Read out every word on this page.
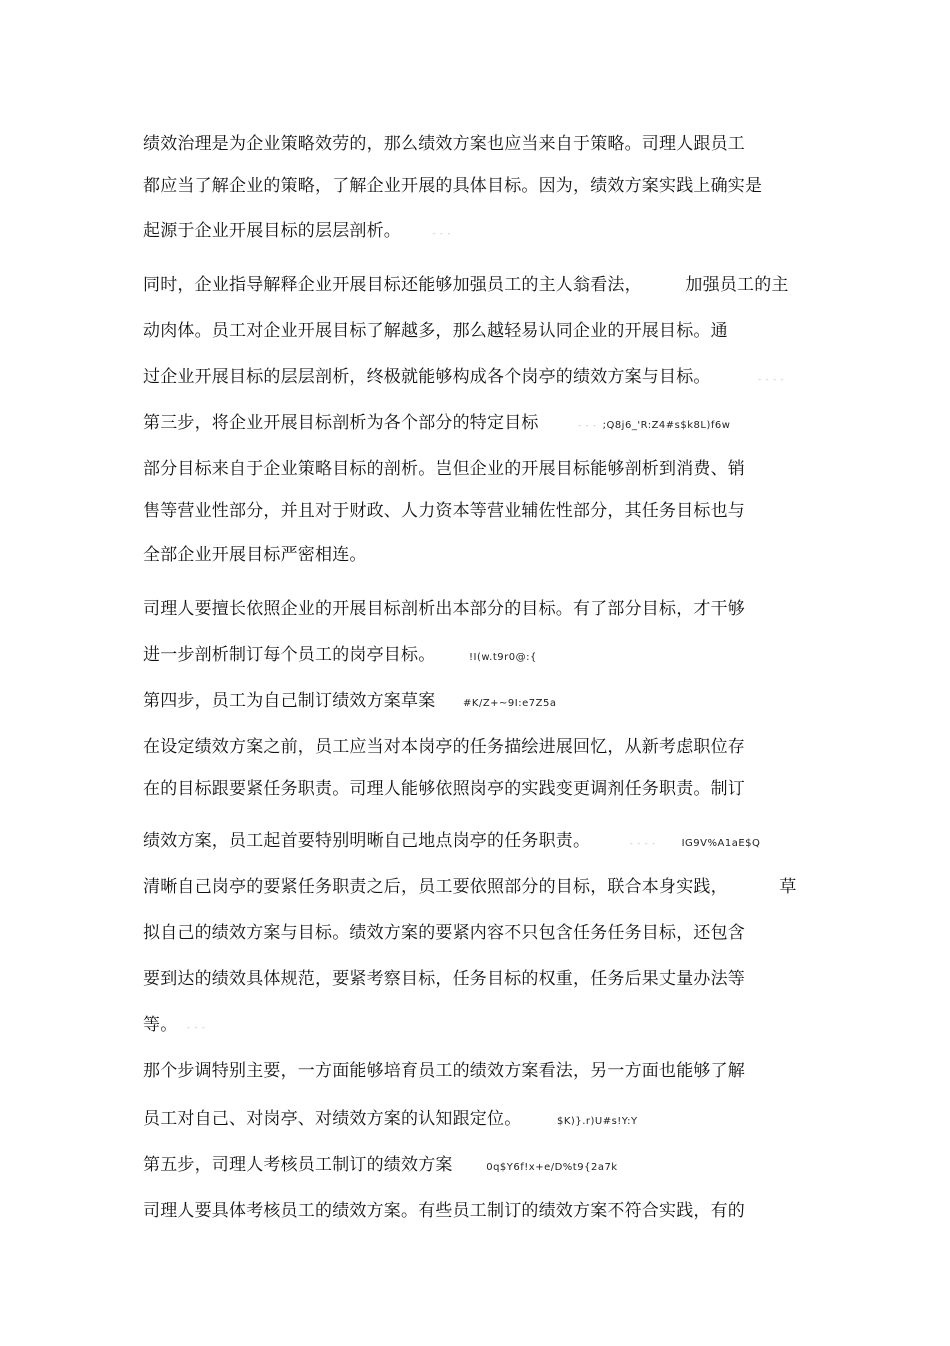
绩效治理是为企业策略效劳的，那么绩效方案也应当来自于策略。司理人跟员工
都应当了解企业的策略，了解企业开展的具体目标。因为，绩效方案实践上确实是
起源于企业开展目标的层层剖析。	- - -
同时，企业指导解释企业开展目标还能够加强员工的主人翁看法，	加强员工的主
动肉体。员工对企业开展目标了解越多，那么越轻易认同企业的开展目标。通
过企业开展目标的层层剖析，终极就能够构成各个岗亭的绩效方案与目标。	- - - -
第三步，将企业开展目标剖析为各个部分的特定目标	- - - ;Q8j6_'R:Z4#s$k8L)f6w
部分目标来自于企业策略目标的剖析。岂但企业的开展目标能够剖析到消费、销
售等营业性部分，并且对于财政、人力资本等营业辅佐性部分，其任务目标也与
全部企业开展目标严密相连。
司理人要擅长依照企业的开展目标剖析出本部分的目标。有了部分目标，才干够
进一步剖析制订每个员工的岗亭目标。	!I(w.t9r0@:{
第四步，员工为自己制订绩效方案草案	#K/Z+~9I:e7Z5a
在设定绩效方案之前，员工应当对本岗亭的任务描绘进展回忆，从新考虑职位存
在的目标跟要紧任务职责。司理人能够依照岗亭的实践变更调剂任务职责。制订
绩效方案，员工起首要特别明晰自己地点岗亭的任务职责。	- - - -	IG9V%A1aE$Q
清晰自己岗亭的要紧任务职责之后，员工要依照部分的目标，联合本身实践，	草
拟自己的绩效方案与目标。绩效方案的要紧内容不只包含任务任务目标，还包含
要到达的绩效具体规范，要紧考察目标，任务目标的权重，任务后果丈量办法等
等。 - - -
那个步调特别主要，一方面能够培育员工的绩效方案看法，另一方面也能够了解
员工对自己、对岗亭、对绩效方案的认知跟定位。	$K)}.r)U#s!Y:Y
第五步，司理人考核员工制订的绩效方案	0q$Y6f!x+e/D%t9{2a7k
司理人要具体考核员工的绩效方案。有些员工制订的绩效方案不符合实践，有的
